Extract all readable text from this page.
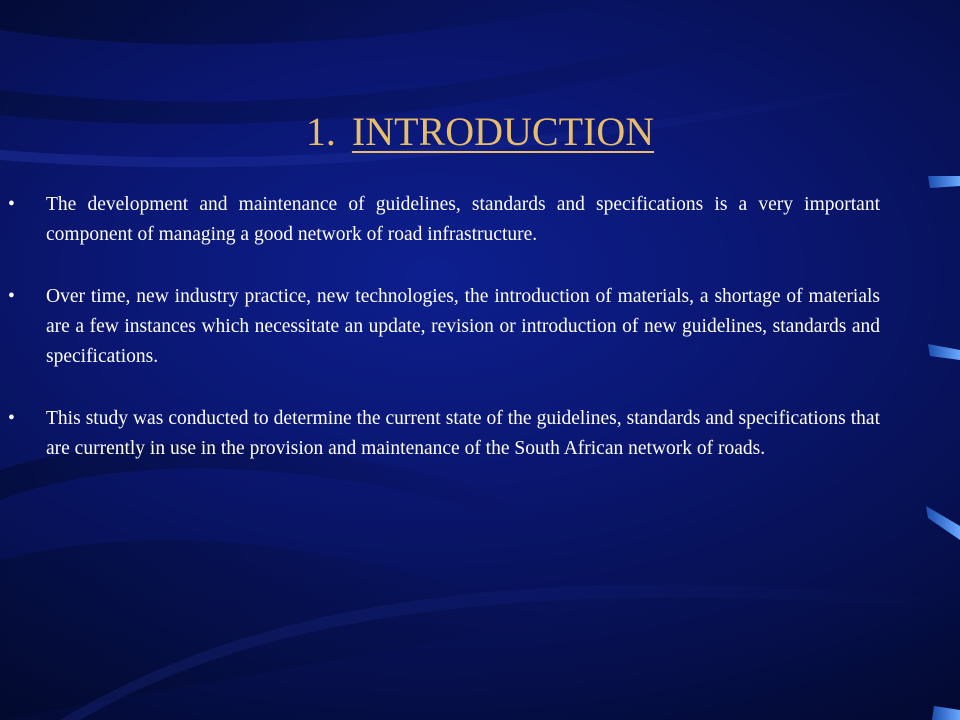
1. INTRODUCTION
• The development and maintenance of guidelines, standards and specifications is a very important component of managing a good network of road infrastructure.
• Over time, new industry practice, new technologies, the introduction of materials, a shortage of materials are a few instances which necessitate an update, revision or introduction of new guidelines, standards and specifications.
• This study was conducted to determine the current state of the guidelines, standards and specifications that are currently in use in the provision and maintenance of the South African network of roads.
